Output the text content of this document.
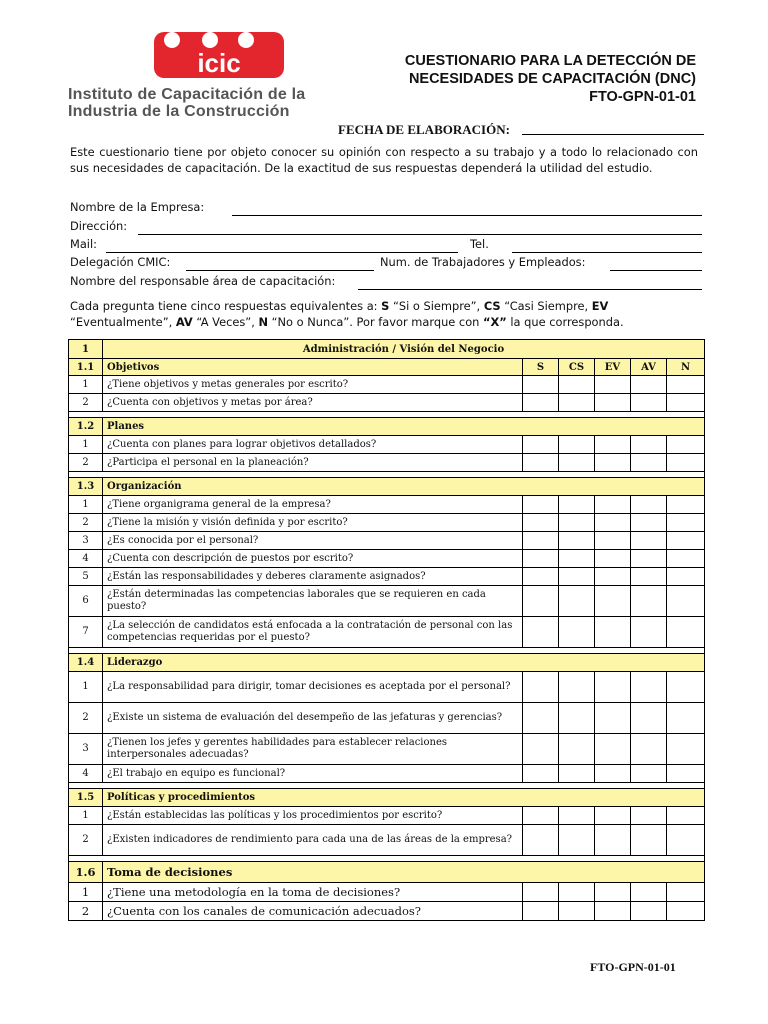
icic
Instituto de Capacitación de la
Industria de la Construcción
CUESTIONARIO PARA LA DETECCIÓN DE
NECESIDADES DE CAPACITACIÓN (DNC)
FTO-GPN-01-01
FECHA DE ELABORACIÓN:
Este cuestionario tiene por objeto conocer su opinión con respecto a su trabajo y a todo lo relacionado con sus necesidades de capacitación. De la exactitud de sus respuestas dependerá la utilidad del estudio.
Nombre de la Empresa:
Dirección:
Mail:	Tel.
Delegación CMIC:	Num. de Trabajadores y Empleados:
Nombre del responsable área de capacitación:
Cada pregunta tiene cinco respuestas equivalentes a: S “Si o Siempre”, CS “Casi Siempre, EV “Eventualmente”, AV “A Veces”, N “No o Nunca”. Por favor marque con “X” la que corresponda.
1	Administración / Visión del Negocio					
1.1	Objetivos	S	CS	EV	AV	N
1	¿Tiene objetivos y metas generales por escrito?					
2	¿Cuenta con objetivos y metas por área?					

1.2	Planes					
1	¿Cuenta con planes para lograr objetivos detallados?					
2	¿Participa el personal en la planeación?					

1.3	Organización					
1	¿Tiene organigrama general de la empresa?					
2	¿Tiene la misión y visión definida y por escrito?					
3	¿Es conocida por el personal?					
4	¿Cuenta con descripción de puestos por escrito?					
5	¿Están las responsabilidades y deberes claramente asignados?					
6	¿Están determinadas las competencias laborales que se requieren en cada puesto?					
7	¿La selección de candidatos está enfocada a la contratación de personal con las competencias requeridas por el puesto?					

1.4	Liderazgo					
1	¿La responsabilidad para dirigir, tomar decisiones es aceptada por el personal?					
2	¿Existe un sistema de evaluación del desempeño de las jefaturas y gerencias?					
3	¿Tienen los jefes y gerentes habilidades para establecer relaciones interpersonales adecuadas?					
4	¿El trabajo en equipo es funcional?					

1.5	Políticas y procedimientos					
1	¿Están establecidas las políticas y los procedimientos por escrito?					
2	¿Existen indicadores de rendimiento para cada una de las áreas de la empresa?					

1.6	Toma de decisiones					
1	¿Tiene una metodología en la toma de decisiones?					
2	¿Cuenta con los canales de comunicación adecuados?					
FTO-GPN-01-01
